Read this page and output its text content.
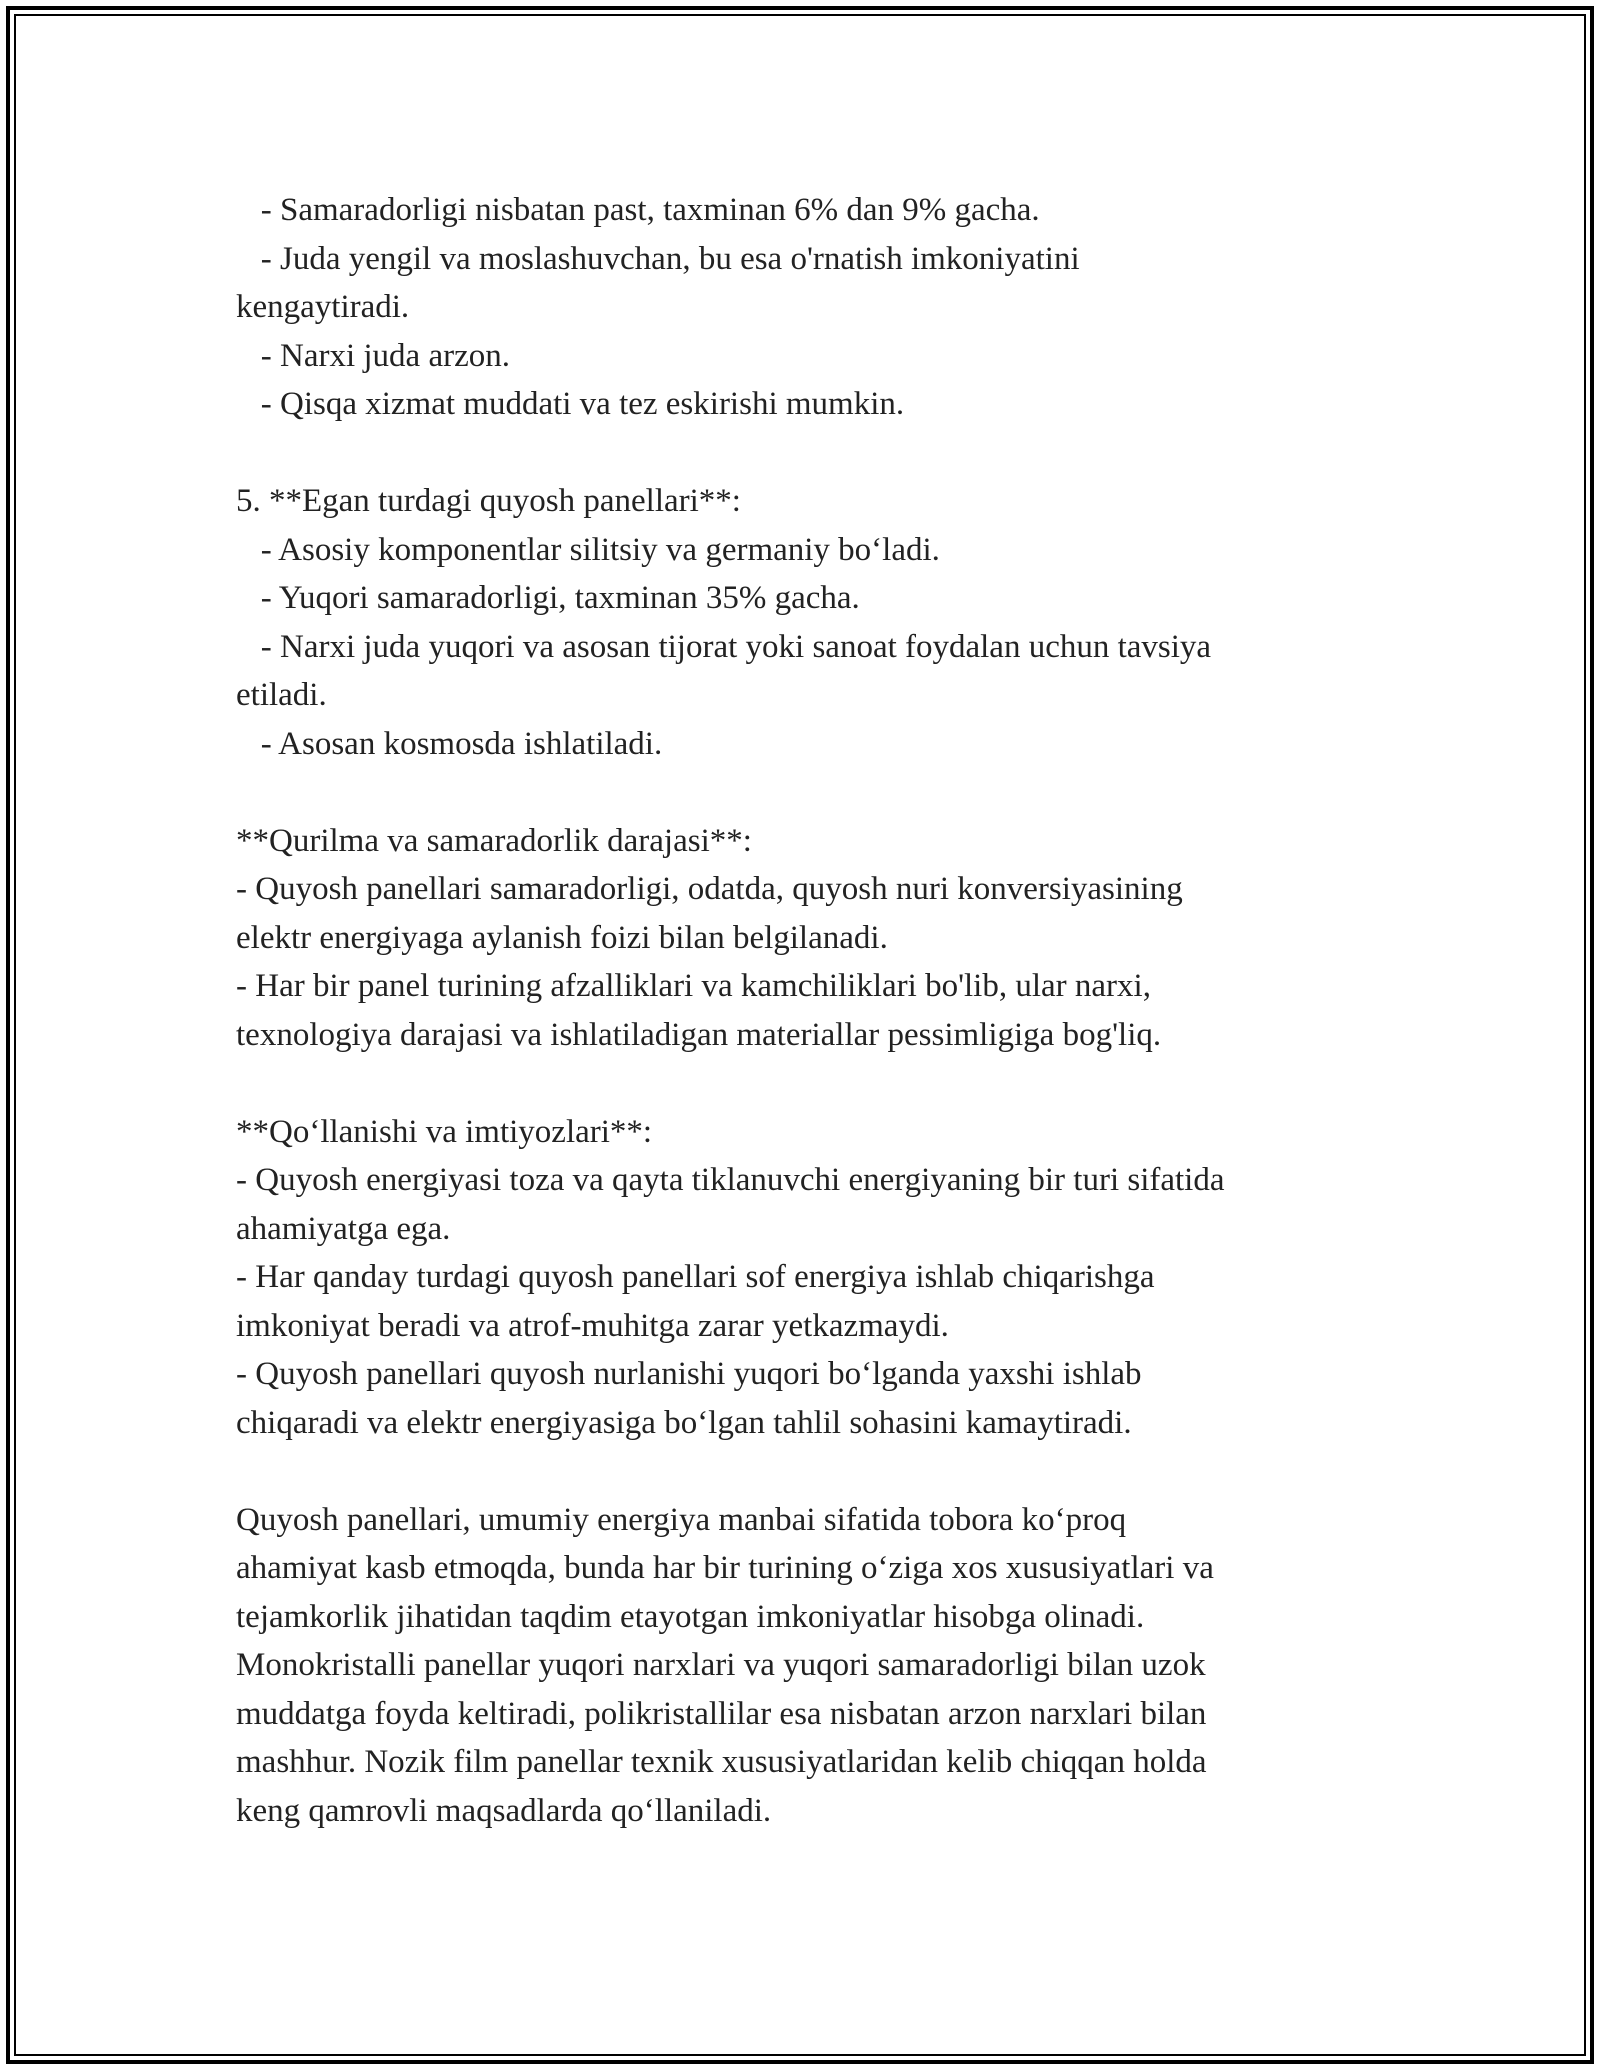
- Samaradorligi nisbatan past, taxminan 6% dan 9% gacha.
- Juda yengil va moslashuvchan, bu esa o'rnatish imkoniyatini
kengaytiradi.
- Narxi juda arzon.
- Qisqa xizmat muddati va tez eskirishi mumkin.
5. **Egan turdagi quyosh panellari**:
- Asosiy komponentlar silitsiy va germaniy bo‘ladi.
- Yuqori samaradorligi, taxminan 35% gacha.
- Narxi juda yuqori va asosan tijorat yoki sanoat foydalan uchun tavsiya
etiladi.
- Asosan kosmosda ishlatiladi.
**Qurilma va samaradorlik darajasi**:
- Quyosh panellari samaradorligi, odatda, quyosh nuri konversiyasining
elektr energiyaga aylanish foizi bilan belgilanadi.
- Har bir panel turining afzalliklari va kamchiliklari bo'lib, ular narxi,
texnologiya darajasi va ishlatiladigan materiallar pessimligiga bog'liq.
**Qo‘llanishi va imtiyozlari**:
- Quyosh energiyasi toza va qayta tiklanuvchi energiyaning bir turi sifatida
ahamiyatga ega.
- Har qanday turdagi quyosh panellari sof energiya ishlab chiqarishga
imkoniyat beradi va atrof-muhitga zarar yetkazmaydi.
- Quyosh panellari quyosh nurlanishi yuqori bo‘lganda yaxshi ishlab
chiqaradi va elektr energiyasiga bo‘lgan tahlil sohasini kamaytiradi.
Quyosh panellari, umumiy energiya manbai sifatida tobora ko‘proq
ahamiyat kasb etmoqda, bunda har bir turining o‘ziga xos xususiyatlari va
tejamkorlik jihatidan taqdim etayotgan imkoniyatlar hisobga olinadi.
Monokristalli panellar yuqori narxlari va yuqori samaradorligi bilan uzok
muddatga foyda keltiradi, polikristallilar esa nisbatan arzon narxlari bilan
mashhur. Nozik film panellar texnik xususiyatlaridan kelib chiqqan holda
keng qamrovli maqsadlarda qo‘llaniladi.
